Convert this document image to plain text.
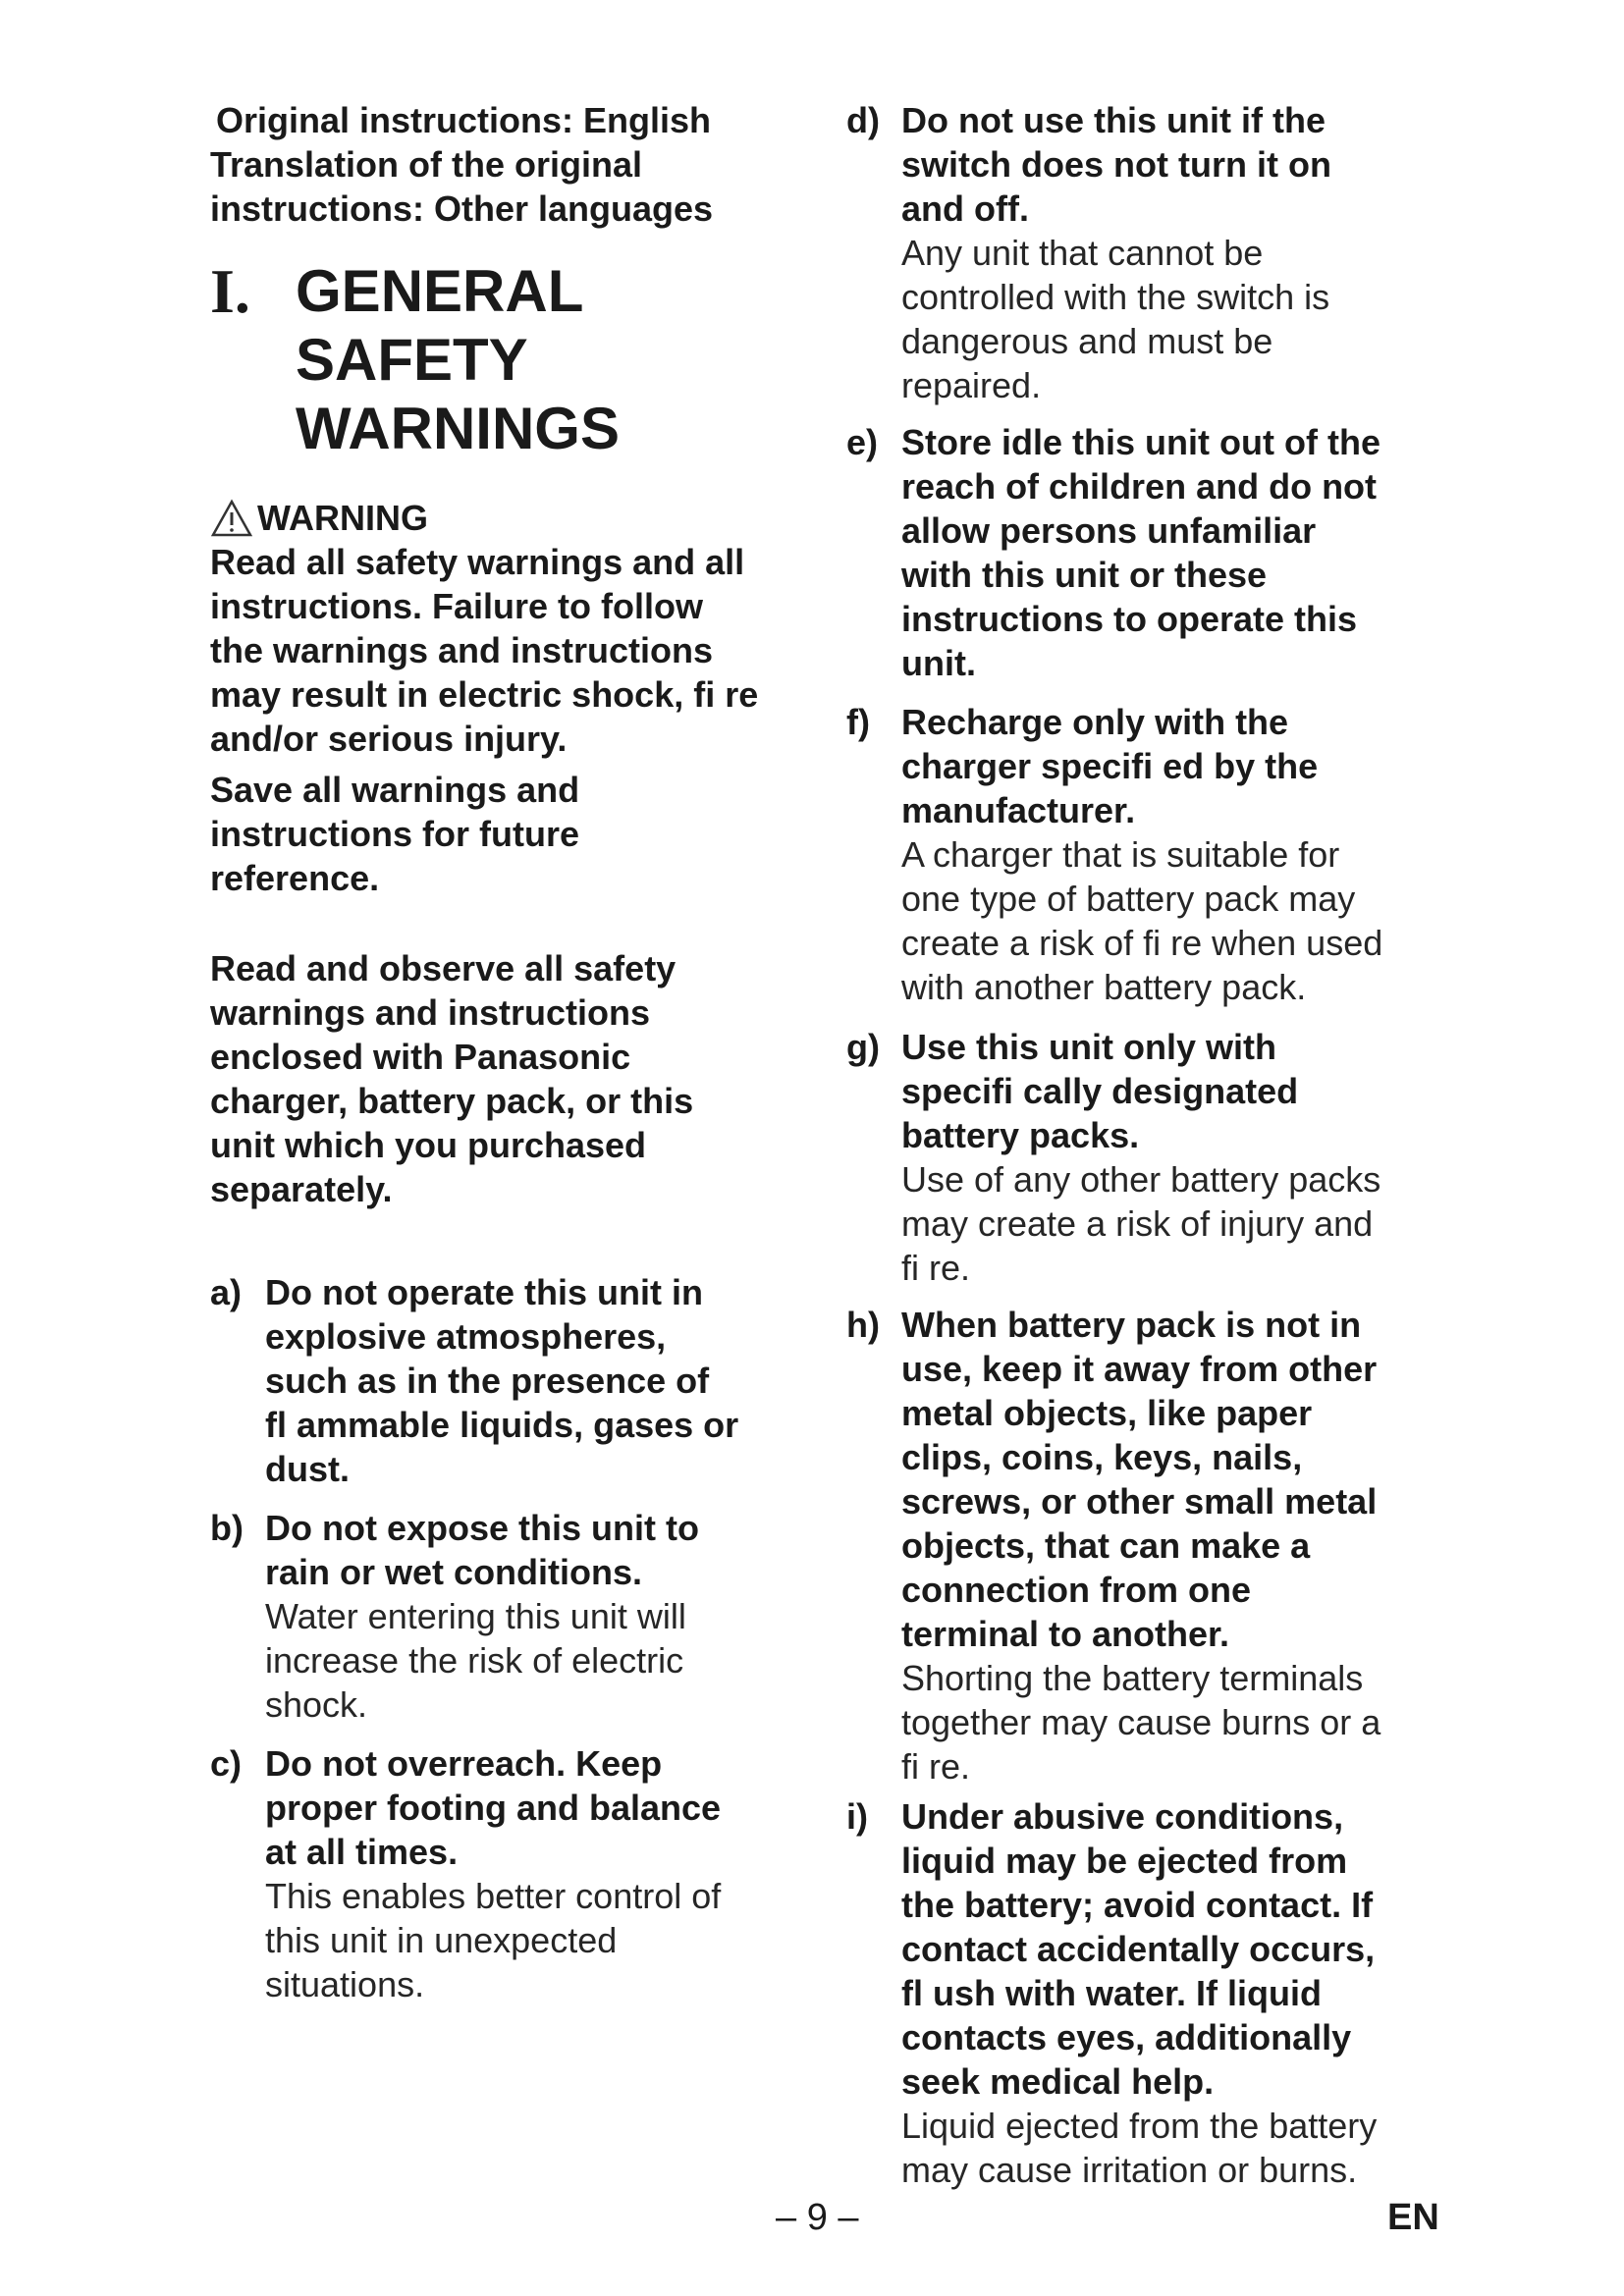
Original instructions: English
Translation of the original
instructions: Other languages
I. GENERAL
SAFETY
WARNINGS
WARNING
Read all safety warnings and all
instructions. Failure to follow
the warnings and instructions
may result in electric shock, fi re
and/or serious injury.
Save all warnings and
instructions for future
reference.
Read and observe all safety
warnings and instructions
enclosed with Panasonic
charger, battery pack, or this
unit which you purchased
separately.
a) Do not operate this unit in
explosive atmospheres,
such as in the presence of
fl ammable liquids, gases or
dust.
b) Do not expose this unit to
rain or wet conditions.
Water entering this unit will
increase the risk of electric
shock.
c) Do not overreach. Keep
proper footing and balance
at all times.
This enables better control of
this unit in unexpected
situations.
d) Do not use this unit if the
switch does not turn it on
and off.
Any unit that cannot be
controlled with the switch is
dangerous and must be
repaired.
e) Store idle this unit out of the
reach of children and do not
allow persons unfamiliar
with this unit or these
instructions to operate this
unit.
f) Recharge only with the
charger specifi ed by the
manufacturer.
A charger that is suitable for
one type of battery pack may
create a risk of fi re when used
with another battery pack.
g) Use this unit only with
specifi cally designated
battery packs.
Use of any other battery packs
may create a risk of injury and
fi re.
h) When battery pack is not in
use, keep it away from other
metal objects, like paper
clips, coins, keys, nails,
screws, or other small metal
objects, that can make a
connection from one
terminal to another.
Shorting the battery terminals
together may cause burns or a
fi re.
i) Under abusive conditions,
liquid may be ejected from
the battery; avoid contact. If
contact accidentally occurs,
fl ush with water. If liquid
contacts eyes, additionally
seek medical help.
Liquid ejected from the battery
may cause irritation or burns.
– 9 –	EN
